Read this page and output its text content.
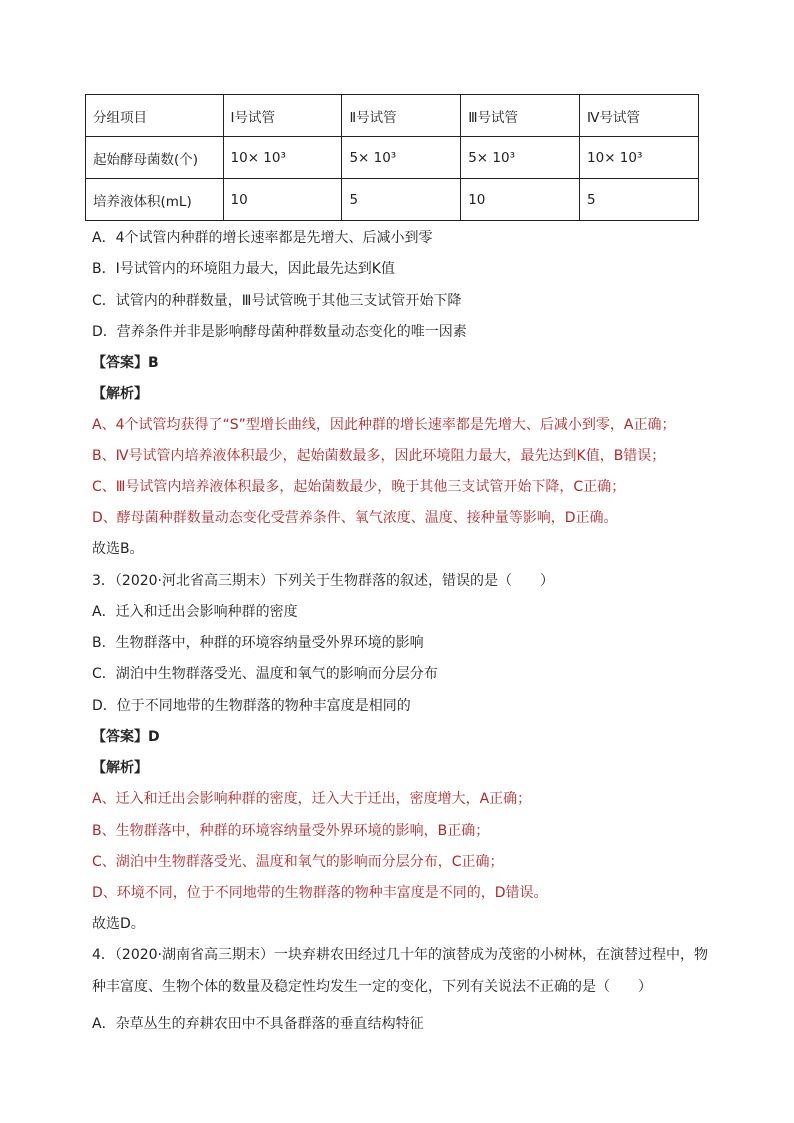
分组项目	Ⅰ号试管	Ⅱ号试管	Ⅲ号试管	Ⅳ号试管
起始酵母菌数(个)	10× 10³	5× 10³	5× 10³	10× 10³
培养液体积(mL)	10	5	10	5
A．4个试管内种群的增长速率都是先增大、后减小到零
B．Ⅰ号试管内的环境阻力最大，因此最先达到K值
C．试管内的种群数量，Ⅲ号试管晚于其他三支试管开始下降
D．营养条件并非是影响酵母菌种群数量动态变化的唯一因素
【答案】B
【解析】
A、4个试管均获得了“S”型增长曲线，因此种群的增长速率都是先增大、后减小到零，A正确；
B、Ⅳ号试管内培养液体积最少，起始菌数最多，因此环境阻力最大，最先达到K值，B错误；
C、Ⅲ号试管内培养液体积最多，起始菌数最少，晚于其他三支试管开始下降，C正确；
D、酵母菌种群数量动态变化受营养条件、氧气浓度、温度、接种量等影响，D正确。
故选B。
3．（2020·河北省高三期末）下列关于生物群落的叙述，错误的是（　　）
A．迁入和迁出会影响种群的密度
B．生物群落中，种群的环境容纳量受外界环境的影响
C．湖泊中生物群落受光、温度和氧气的影响而分层分布
D．位于不同地带的生物群落的物种丰富度是相同的
【答案】D
【解析】
A、迁入和迁出会影响种群的密度，迁入大于迁出，密度增大，A正确；
B、生物群落中，种群的环境容纳量受外界环境的影响，B正确；
C、湖泊中生物群落受光、温度和氧气的影响而分层分布，C正确；
D、环境不同，位于不同地带的生物群落的物种丰富度是不同的，D错误。
故选D。
4．（2020·湖南省高三期末）一块弃耕农田经过几十年的演替成为茂密的小树林，在演替过程中，物
种丰富度、生物个体的数量及稳定性均发生一定的变化，下列有关说法不正确的是（　　）
A．杂草丛生的弃耕农田中不具备群落的垂直结构特征
